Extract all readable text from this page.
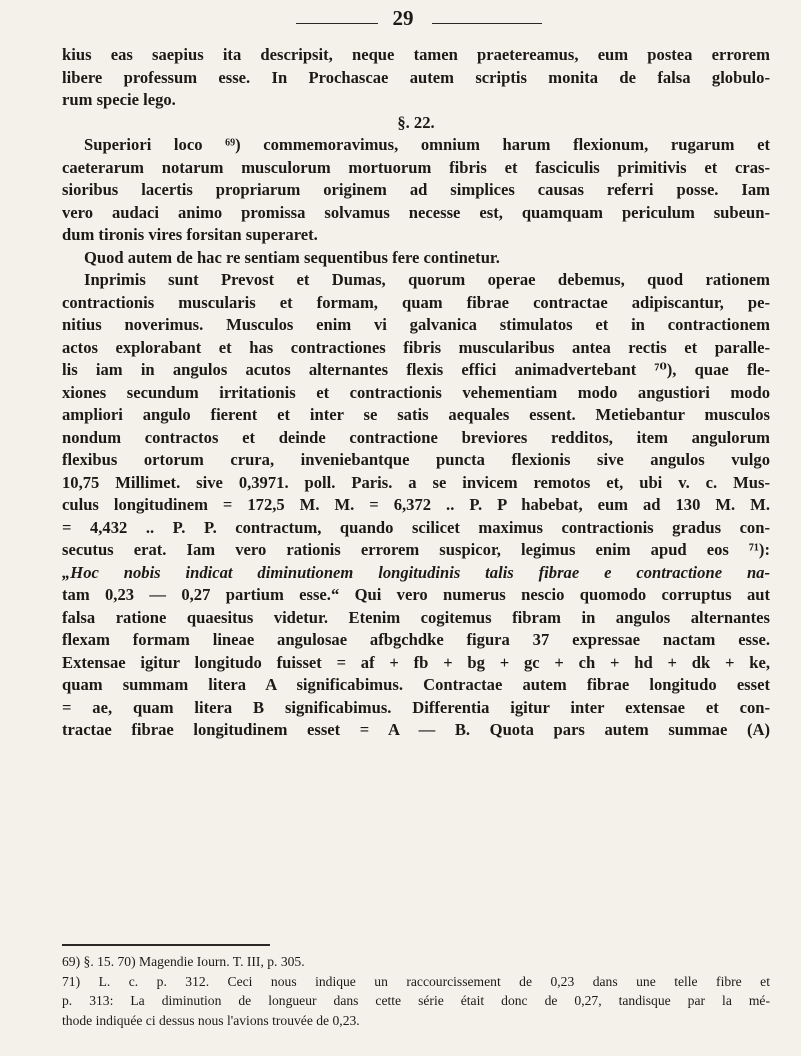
29

kius eas saepius ita descripsit, neque tamen praetereamus, eum postea errorem

libere professum esse. In Prochascae autem scriptis monita de falsa globulo-

rum specie lego.

§. 22.

Superiori loco ⁶⁹) commemoravimus, omnium harum flexionum, rugarum et

caeterarum notarum musculorum mortuorum fibris et fasciculis primitivis et cras-

sioribus lacertis propriarum originem ad simplices causas referri posse. Iam

vero audaci animo promissa solvamus necesse est, quamquam periculum subeun-

dum tironis vires forsitan superaret.

Quod autem de hac re sentiam sequentibus fere continetur.

Inprimis sunt Prevost et Dumas, quorum operae debemus, quod rationem

contractionis muscularis et formam, quam fibrae contractae adipiscantur, pe-

nitius noverimus. Musculos enim vi galvanica stimulatos et in contractionem

actos explorabant et has contractiones fibris muscularibus antea rectis et paralle-

lis iam in angulos acutos alternantes flexis effici animadvertebant ⁷⁰), quae fle-

xiones secundum irritationis et contractionis vehementiam modo angustiori modo

ampliori angulo fierent et inter se satis aequales essent. Metiebantur musculos

nondum contractos et deinde contractione breviores redditos, item angulorum

flexibus ortorum crura, inveniebantque puncta flexionis sive angulos vulgo

10,75 Millimet. sive 0,3971. poll. Paris. a se invicem remotos et, ubi v. c. Mus-

culus longitudinem = 172,5 M. M. = 6,372 .. P. P habebat, eum ad 130 M. M.

= 4,432 .. P. P. contractum, quando scilicet maximus contractionis gradus con-

secutus erat. Iam vero rationis errorem suspicor, legimus enim apud eos ⁷¹):

„Hoc nobis indicat diminutionem longitudinis talis fibrae e contractione na-

tam 0,23 — 0,27 partium esse.“ Qui vero numerus nescio quomodo corruptus aut

falsa ratione quaesitus videtur. Etenim cogitemus fibram in angulos alternantes

flexam formam lineae angulosae afbgchdke figura 37 expressae nactam esse.

Extensae igitur longitudo fuisset = af + fb + bg + gc + ch + hd + dk + ke,

quam summam litera A significabimus. Contractae autem fibrae longitudo esset

= ae, quam litera B significabimus. Differentia igitur inter extensae et con-

tractae fibrae longitudinem esset = A — B. Quota pars autem summae (A)

69) §. 15. 70) Magendie Iourn. T. III, p. 305.

71) L. c. p. 312. Ceci nous indique un raccourcissement de 0,23 dans une telle fibre et

p. 313: La diminution de longueur dans cette série était donc de 0,27, tandisque par la mé-

thode indiquée ci dessus nous l'avions trouvée de 0,23.
